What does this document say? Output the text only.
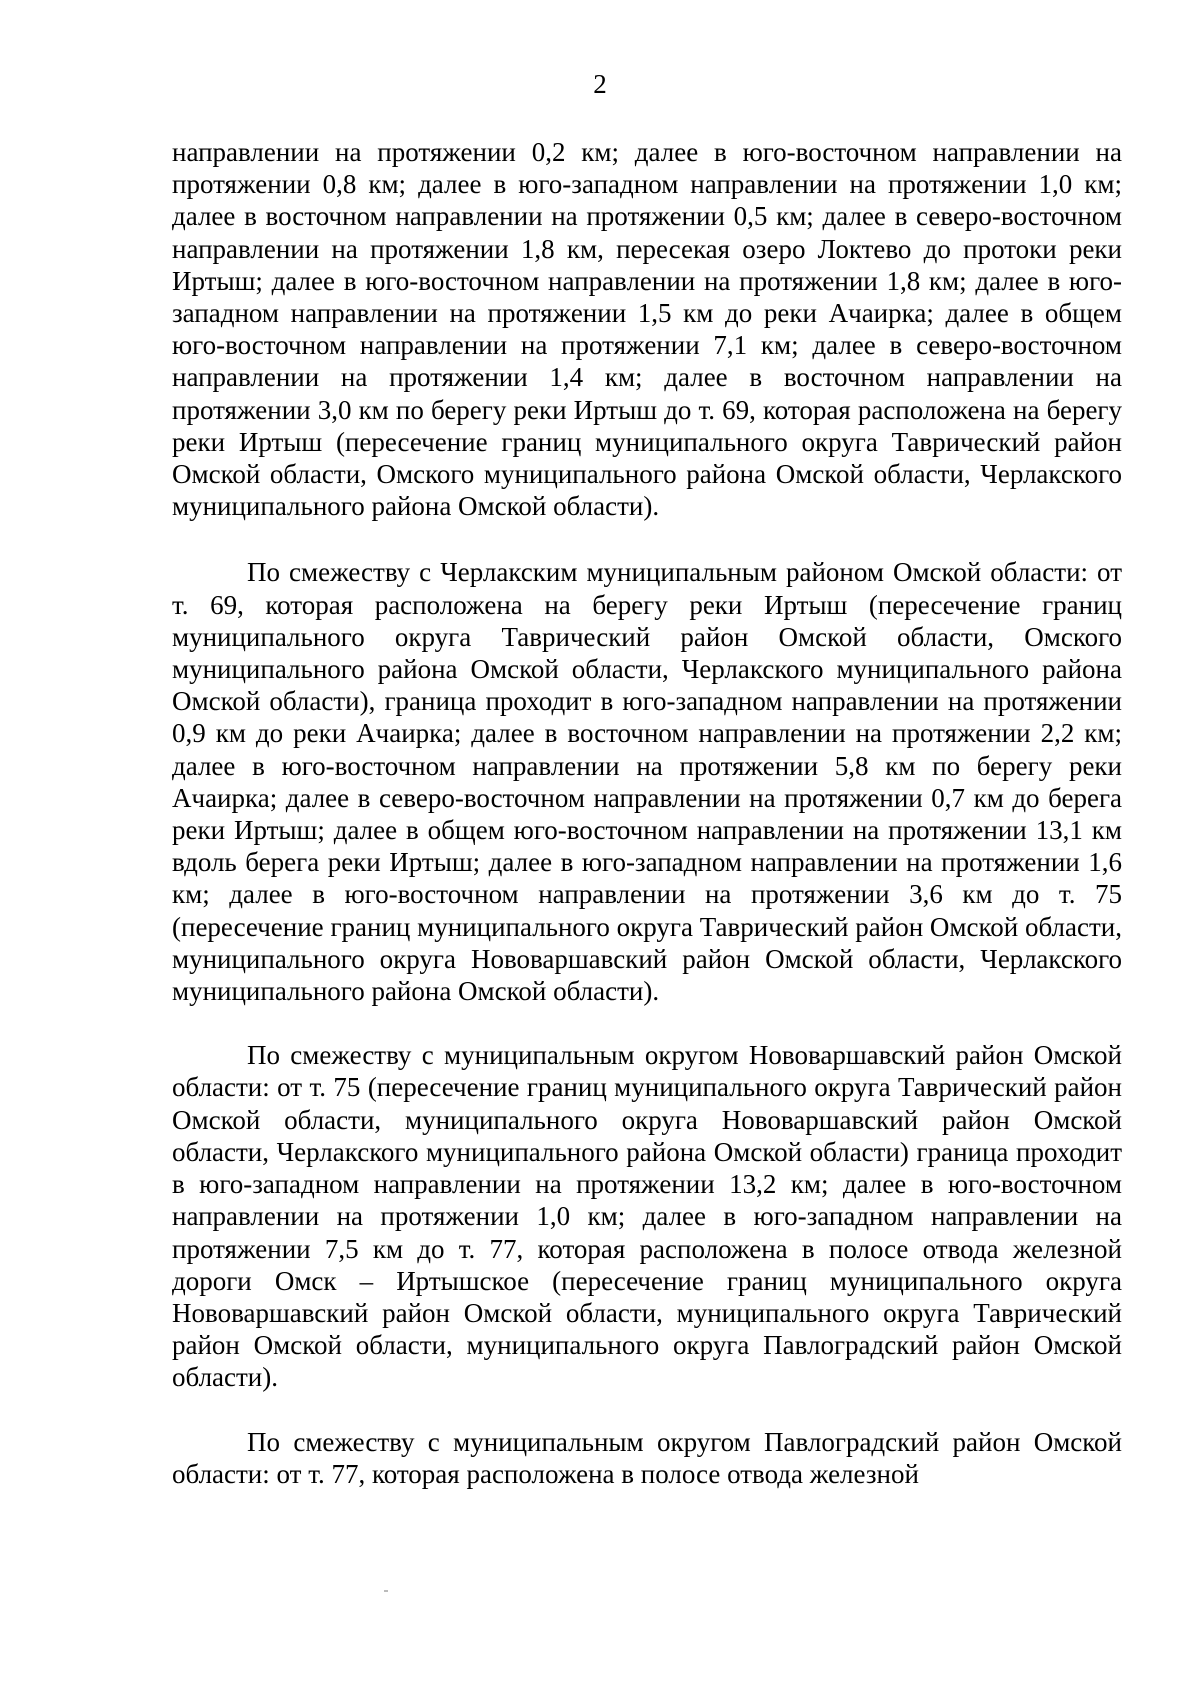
2

направлении на протяжении 0,2 км; далее в юго-восточном направлении на протяжении 0,8 км; далее в юго-западном направлении на протяжении 1,0 км; далее в восточном направлении на протяжении 0,5 км; далее в северо-восточном направлении на протяжении 1,8 км, пересекая озеро Локтево до протоки реки Иртыш; далее в юго-восточном направлении на протяжении 1,8 км; далее в юго-западном направлении на протяжении 1,5 км до реки Ачаирка; далее в общем юго-восточном направлении на протяжении 7,1 км; далее в северо-восточном направлении на протяжении 1,4 км; далее в восточном направлении на протяжении 3,0 км по берегу реки Иртыш до т. 69, которая расположена на берегу реки Иртыш (пересечение границ муниципального округа Таврический район Омской области, Омского муниципального района Омской области, Черлакского муниципального района Омской области).

По смежеству с Черлакским муниципальным районом Омской области: от т. 69, которая расположена на берегу реки Иртыш (пересечение границ муниципального округа Таврический район Омской области, Омского муниципального района Омской области, Черлакского муниципального района Омской области), граница проходит в юго-западном направлении на протяжении 0,9 км до реки Ачаирка; далее в восточном направлении на протяжении 2,2 км; далее в юго-восточном направлении на протяжении 5,8 км по берегу реки Ачаирка; далее в северо-восточном направлении на протяжении 0,7 км до берега реки Иртыш; далее в общем юго-восточном направлении на протяжении 13,1 км вдоль берега реки Иртыш; далее в юго-западном направлении на протяжении 1,6 км; далее в юго-восточном направлении на протяжении 3,6 км до т. 75 (пересечение границ муниципального округа Таврический район Омской области, муниципального округа Нововаршавский район Омской области, Черлакского муниципального района Омской области).

По смежеству с муниципальным округом Нововаршавский район Омской области: от т. 75 (пересечение границ муниципального округа Таврический район Омской области, муниципального округа Нововаршавский район Омской области, Черлакского муниципального района Омской области) граница проходит в юго-западном направлении на протяжении 13,2 км; далее в юго-восточном направлении на протяжении 1,0 км; далее в юго-западном направлении на протяжении 7,5 км до т. 77, которая расположена в полосе отвода железной дороги Омск – Иртышское (пересечение границ муниципального округа Нововаршавский район Омской области, муниципального округа Таврический район Омской области, муниципального округа Павлоградский район Омской области).

По смежеству с муниципальным округом Павлоградский район Омской области: от т. 77, которая расположена в полосе отвода железной
